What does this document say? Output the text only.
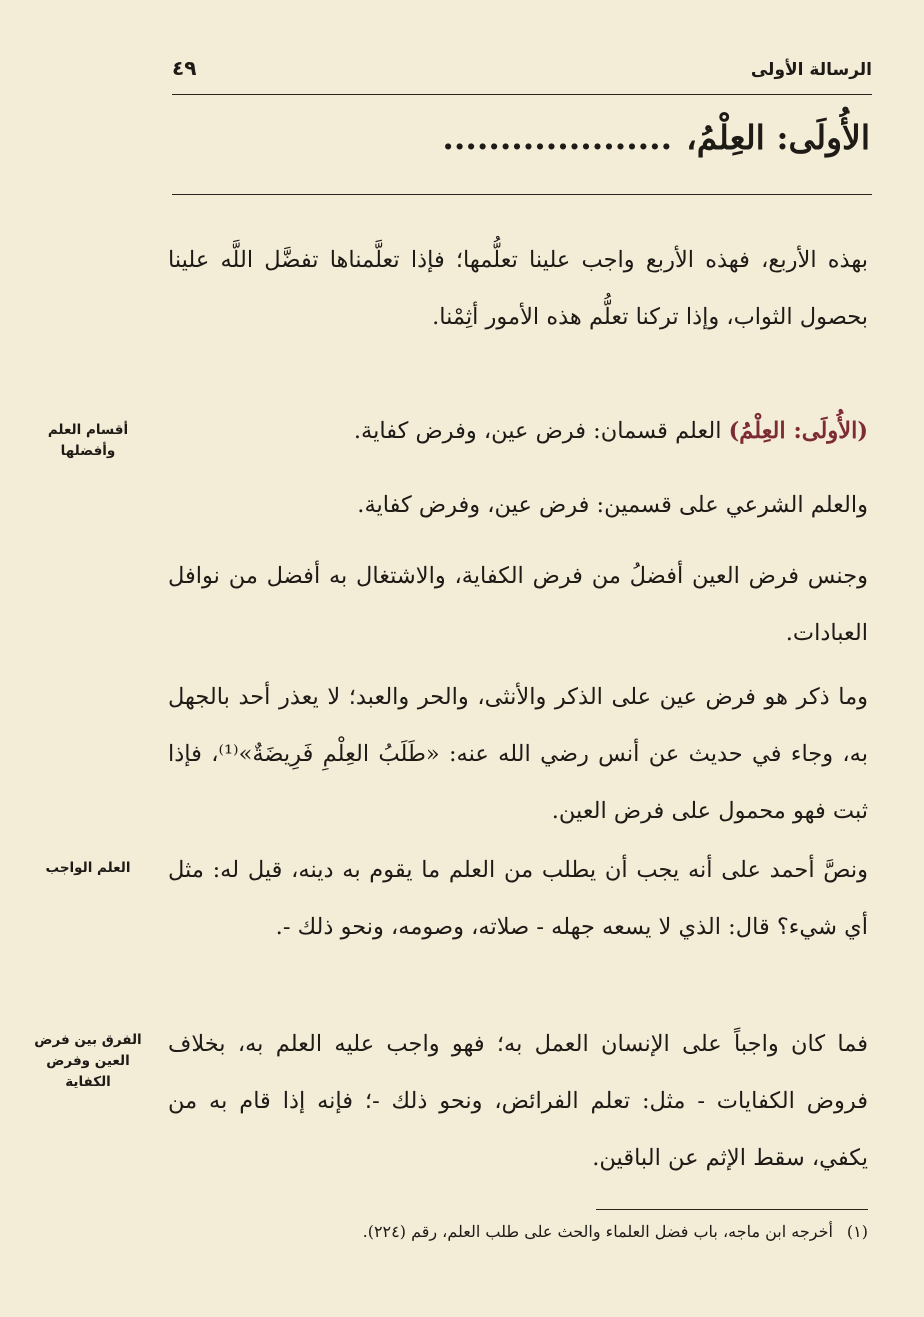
الرسالة الأولى
٤٩
الأُولَى: العِلْمُ،....................
بهذه الأربع، فهذه الأربع واجب علينا تعلُّمها؛ فإذا تعلَّمناها تفضَّل اللَّه علينا بحصول الثواب، وإذا تركنا تعلُّم هذه الأمور أثِمْنا.
(الأُولَى: العِلْمُ) العلم قسمان: فرض عين، وفرض كفاية.
والعلم الشرعي على قسمين: فرض عين، وفرض كفاية.
وجنس فرض العين أفضلُ من فرض الكفاية، والاشتغال به أفضل من نوافل العبادات.
وما ذكر هو فرض عين على الذكر والأنثى، والحر والعبد؛ لا يعذر أحد بالجهل به، وجاء في حديث عن أنس رضي الله عنه: «طَلَبُ العِلْمِ فَرِيضَةٌ»⁽¹⁾، فإذا ثبت فهو محمول على فرض العين.
ونصَّ أحمد على أنه يجب أن يطلب من العلم ما يقوم به دينه، قيل له: مثل أي شيء؟ قال: الذي لا يسعه جهله - صلاته، وصومه، ونحو ذلك -.
فما كان واجباً على الإنسان العمل به؛ فهو واجب عليه العلم به، بخلاف فروض الكفايات - مثل: تعلم الفرائض، ونحو ذلك -؛ فإنه إذا قام به من يكفي، سقط الإثم عن الباقين.
أقسام العلم وأفضلها
العلم الواجب
الفرق بين فرض العين وفرض الكفاية
(١)أخرجه ابن ماجه، باب فضل العلماء والحث على طلب العلم، رقم (٢٢٤).
